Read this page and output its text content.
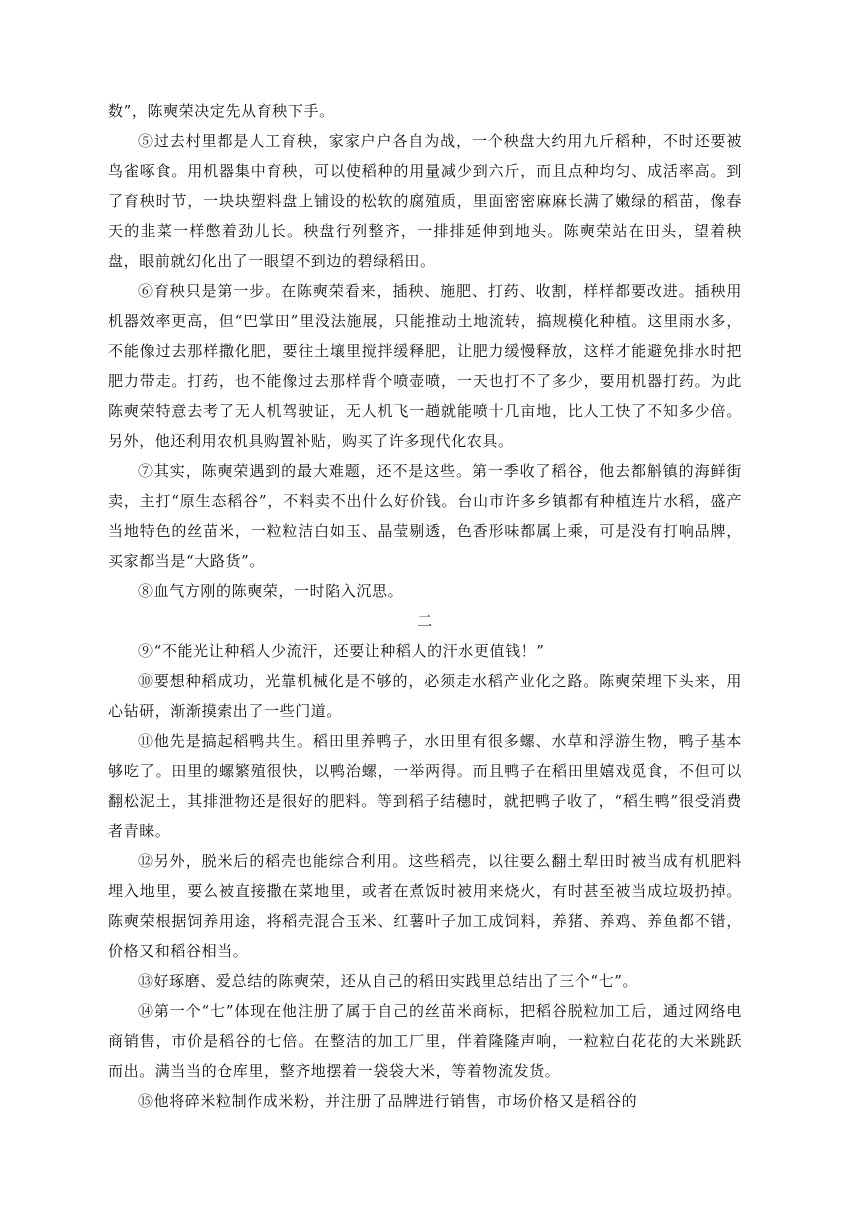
数”，陈奭荣决定先从育秧下手。

⑤过去村里都是人工育秧，家家户户各自为战，一个秧盘大约用九斤稻种，不时还要被鸟雀啄食。用机器集中育秧，可以使稻种的用量减少到六斤，而且点种均匀、成活率高。到了育秧时节，一块块塑料盘上铺设的松软的腐殖质，里面密密麻麻长满了嫩绿的稻苗，像春天的韭菜一样憋着劲儿长。秧盘行列整齐，一排排延伸到地头。陈奭荣站在田头，望着秧盘，眼前就幻化出了一眼望不到边的碧绿稻田。

⑥育秧只是第一步。在陈奭荣看来，插秧、施肥、打药、收割，样样都要改进。插秧用机器效率更高，但“巴掌田”里没法施展，只能推动土地流转，搞规模化种植。这里雨水多，不能像过去那样撒化肥，要往土壤里搅拌缓释肥，让肥力缓慢释放，这样才能避免排水时把肥力带走。打药，也不能像过去那样背个喷壶喷，一天也打不了多少，要用机器打药。为此陈奭荣特意去考了无人机驾驶证，无人机飞一趟就能喷十几亩地，比人工快了不知多少倍。另外，他还利用农机具购置补贴，购买了许多现代化农具。

⑦其实，陈奭荣遇到的最大难题，还不是这些。第一季收了稻谷，他去都斛镇的海鲜街卖，主打“原生态稻谷”，不料卖不出什么好价钱。台山市许多乡镇都有种植连片水稻，盛产当地特色的丝苗米，一粒粒洁白如玉、晶莹剔透，色香形味都属上乘，可是没有打响品牌，买家都当是“大路货”。

⑧血气方刚的陈奭荣，一时陷入沉思。

二

⑨“不能光让种稻人少流汗，还要让种稻人的汗水更值钱！”

⑩要想种稻成功，光靠机械化是不够的，必须走水稻产业化之路。陈奭荣埋下头来，用心钻研，渐渐摸索出了一些门道。

⑪他先是搞起稻鸭共生。稻田里养鸭子，水田里有很多螺、水草和浮游生物，鸭子基本够吃了。田里的螺繁殖很快，以鸭治螺，一举两得。而且鸭子在稻田里嬉戏觅食，不但可以翻松泥土，其排泄物还是很好的肥料。等到稻子结穗时，就把鸭子收了，“稻生鸭”很受消费者青睐。

⑫另外，脱米后的稻壳也能综合利用。这些稻壳，以往要么翻土犁田时被当成有机肥料埋入地里，要么被直接撒在菜地里，或者在煮饭时被用来烧火，有时甚至被当成垃圾扔掉。陈奭荣根据饲养用途，将稻壳混合玉米、红薯叶子加工成饲料，养猪、养鸡、养鱼都不错，价格又和稻谷相当。

⑬好琢磨、爱总结的陈奭荣，还从自己的稻田实践里总结出了三个“七”。

⑭第一个“七”体现在他注册了属于自己的丝苗米商标，把稻谷脱粒加工后，通过网络电商销售，市价是稻谷的七倍。在整洁的加工厂里，伴着隆隆声响，一粒粒白花花的大米跳跃而出。满当当的仓库里，整齐地摆着一袋袋大米，等着物流发货。

⑮他将碎米粒制作成米粉，并注册了品牌进行销售，市场价格又是稻谷的
